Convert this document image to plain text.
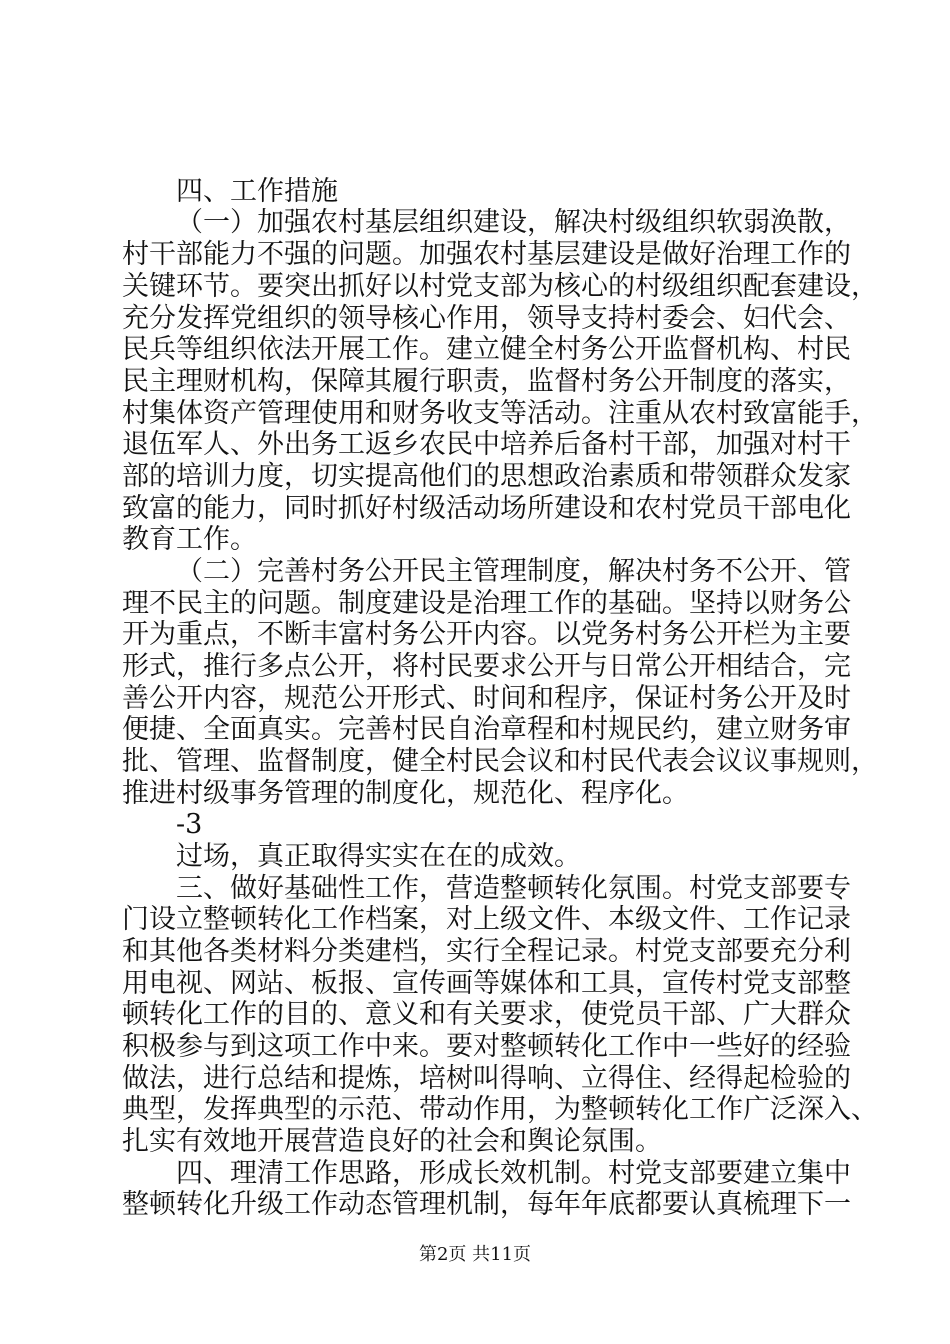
四、工作措施
（一）加强农村基层组织建设，解决村级组织软弱涣散，
村干部能力不强的问题。加强农村基层建设是做好治理工作的
关键环节。要突出抓好以村党支部为核心的村级组织配套建设，
充分发挥党组织的领导核心作用，领导支持村委会、妇代会、
民兵等组织依法开展工作。建立健全村务公开监督机构、村民
民主理财机构，保障其履行职责，监督村务公开制度的落实，
村集体资产管理使用和财务收支等活动。注重从农村致富能手，
退伍军人、外出务工返乡农民中培养后备村干部，加强对村干
部的培训力度，切实提高他们的思想政治素质和带领群众发家
致富的能力，同时抓好村级活动场所建设和农村党员干部电化
教育工作。
（二）完善村务公开民主管理制度，解决村务不公开、管
理不民主的问题。制度建设是治理工作的基础。坚持以财务公
开为重点，不断丰富村务公开内容。以党务村务公开栏为主要
形式，推行多点公开，将村民要求公开与日常公开相结合，完
善公开内容，规范公开形式、时间和程序，保证村务公开及时
便捷、全面真实。完善村民自治章程和村规民约，建立财务审
批、管理、监督制度，健全村民会议和村民代表会议议事规则，
推进村级事务管理的制度化，规范化、程序化。
-3
过场，真正取得实实在在的成效。
三、做好基础性工作，营造整顿转化氛围。村党支部要专
门设立整顿转化工作档案，对上级文件、本级文件、工作记录
和其他各类材料分类建档，实行全程记录。村党支部要充分利
用电视、网站、板报、宣传画等媒体和工具，宣传村党支部整
顿转化工作的目的、意义和有关要求，使党员干部、广大群众
积极参与到这项工作中来。要对整顿转化工作中一些好的经验
做法，进行总结和提炼，培树叫得响、立得住、经得起检验的
典型，发挥典型的示范、带动作用，为整顿转化工作广泛深入、
扎实有效地开展营造良好的社会和舆论氛围。
四、理清工作思路，形成长效机制。村党支部要建立集中
整顿转化升级工作动态管理机制，每年年底都要认真梳理下一
第2页 共11页
